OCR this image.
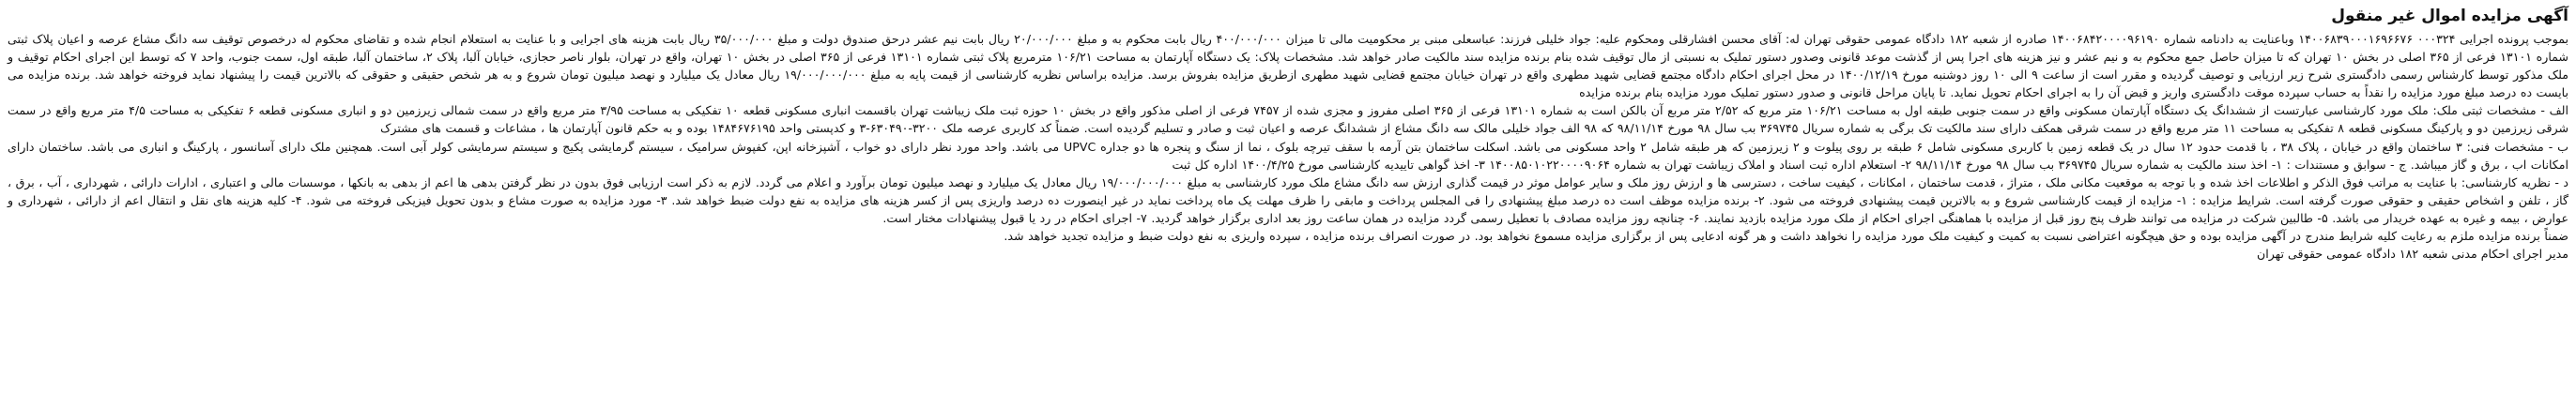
آگهی مزایده اموال غیر منقول
بموجب پرونده اجرایی ۰۰۰۳۲۴ ۱۴۰۰۶۸۳۹۰۰۰۱۶۹۶۶۷۶ وباعنایت به دادنامه شماره ۱۴۰۰۶۸۴۲۰۰۰۰۹۶۱۹۰ صادره از شعبه ۱۸۲ دادگاه عمومی حقوقی تهران له: آقای محسن افشارقلی ومحکوم علیه: جواد خلیلی فرزند: عباسعلی مبنی بر محکومیت مالی تا میزان ۴۰۰/۰۰۰/۰۰۰ ریال بابت محکوم به و مبلغ ۲۰/۰۰۰/۰۰۰ ریال بابت نیم عشر درحق صندوق دولت و مبلغ ۳۵/۰۰۰/۰۰۰ ریال بابت هزینه های اجرایی و با عنایت به استعلام انجام شده و تقاضای محکوم له درخصوص توقیف سه دانگ مشاع عرصه و اعیان پلاک ثبتی شماره ۱۳۱۰۱ فرعی از ۳۶۵ اصلی در بخش ۱۰ تهران که تا میزان حاصل جمع محکوم به و نیم عشر و نیز هزینه های اجرا پس از گذشت موعد قانونی وصدور دستور تملیک به نسبتی از مال توقیف شده بنام برنده مزایده سند مالکیت صادر خواهد شد. مشخصات پلاک: یک دستگاه آپارتمان به مساحت ۱۰۶/۲۱ مترمربع پلاک ثبتی شماره ۱۳۱۰۱ فرعی از ۳۶۵ اصلی در بخش ۱۰ تهران، واقع در تهران، بلوار ناصر حجازی، خیابان آلبا، پلاک ۲، ساختمان آلبا، طبقه اول، سمت جنوب، واحد ۷ که توسط این اجرای احکام توقیف و ملک مذکور توسط کارشناس رسمی دادگستری شرح زیر ارزیابی و توصیف گردیده و مقرر است از ساعت ۹ الی ۱۰ روز دوشنبه مورخ ۱۴۰۰/۱۲/۱۹ در محل اجرای احکام دادگاه مجتمع قضایی شهید مطهری واقع در تهران خیابان مجتمع قضایی شهید مطهری ازطریق مزایده بفروش برسد. مزایده براساس نظریه کارشناسی از قیمت پایه به مبلغ ۱۹/۰۰۰/۰۰۰/۰۰۰ ریال معادل یک میلیارد و نهصد میلیون تومان شروع و به هر شخص حقیقی و حقوقی که بالاترین قیمت را پیشنهاد نماید فروخته خواهد شد. برنده مزایده می بایست ده درصد مبلغ مورد مزایده را نقداً به حساب سپرده موقت دادگستری واریز و قبض آن را به اجرای احکام تحویل نماید. تا پایان مراحل قانونی و صدور دستور تملیک مورد مزایده بنام برنده مزایده
الف - مشخصات ثبتی ملک: ملک مورد کارشناسی عبارتست از ششدانگ یک دستگاه آپارتمان مسکونی واقع در سمت جنوبی طبقه اول به مساحت ۱۰۶/۲۱ متر مربع که ۲/۵۲ متر مربع آن بالکن است به شماره ۱۳۱۰۱ فرعی از ۳۶۵ اصلی مفروز و مجزی شده از ۷۴۵۷ فرعی از اصلی مذکور واقع در بخش ۱۰ حوزه ثبت ملک زیباشت تهران باقسمت انباری مسکونی قطعه ۱۰ تفکیکی به مساحت ۳/۹۵ متر مربع واقع در سمت شمالی زیرزمین دو و انباری مسکونی قطعه ۶ تفکیکی به مساحت ۴/۵ متر مربع واقع در سمت شرقی زیرزمین دو و پارکینگ مسکونی قطعه ۸ تفکیکی به مساحت ۱۱ متر مربع واقع در سمت شرقی همکف دارای سند مالکیت تک برگی به شماره سریال ۳۶۹۷۴۵ بب سال ۹۸ مورخ ۹۸/۱۱/۱۴ که ۹۸ الف جواد خلیلی مالک سه دانگ مشاع از ششدانگ عرصه و اعیان ثبت و صادر و تسلیم گردیده است. ضمناً کد کاربری عرصه ملک ۳۲۰۰-۶۳۰۴۹۰-۳ و کدپستی واحد ۱۴۸۴۶۷۶۱۹۵ بوده و به حکم قانون آپارتمان ها ، مشاعات و قسمت های مشترک
ب - مشخصات فنی: ۳ ساختمان واقع در خیابان ، پلاک ۳۸ ، با قدمت حدود ۱۲ سال در یک قطعه زمین با کاربری مسکونی شامل ۶ طبقه بر روی پیلوت و ۲ زیرزمین که هر طبقه شامل ۲ واحد مسکونی می باشد. اسکلت ساختمان بتن آرمه با سقف تیرچه بلوک ، نما از سنگ و پنجره ها دو جداره UPVC می باشد. واحد مورد نظر دارای دو خواب ، آشپزخانه اپن، کفپوش سرامیک ، سیستم گرمایشی پکیج و سیستم سرمایشی کولر آبی است. همچنین ملک دارای آسانسور ، پارکینگ و انباری می باشد. ساختمان دارای امکانات اب ، برق و گاز میباشد. ج - سوابق و مستندات : ۱- اخذ سند مالکیت به شماره سریال ۳۶۹۷۴۵ بب سال ۹۸ مورخ ۹۸/۱۱/۱۴ ۲- استعلام اداره ثبت اسناد و املاک زیباشت تهران به شماره ۱۴۰۰۸۵۰۱۰۲۲۰۰۰۰۹۰۶۴ ۳- اخذ گواهی تاییدیه کارشناسی مورخ ۱۴۰۰/۴/۲۵ اداره کل ثبت
د - نظریه کارشناسی: با عنایت به مراتب فوق الذکر و اطلاعات اخذ شده و با توجه به موقعیت مکانی ملک ، متراژ ، قدمت ساختمان ، امکانات ، کیفیت ساخت ، دسترسی ها و ارزش روز ملک و سایر عوامل موثر در قیمت گذاری ارزش سه دانگ مشاع ملک مورد کارشناسی به مبلغ ۱۹/۰۰۰/۰۰۰/۰۰۰ ریال معادل یک میلیارد و نهصد میلیون تومان برآورد و اعلام می گردد. لازم به ذکر است ارزیابی فوق بدون در نظر گرفتن بدهی ها اعم از بدهی به بانکها ، موسسات مالی و اعتباری ، ادارات دارائی ، شهرداری ، آب ، برق ، گاز ، تلفن و اشخاص حقیقی و حقوقی صورت گرفته است. شرایط مزایده : ۱- مزایده از قیمت کارشناسی شروع و به بالاترین قیمت پیشنهادی فروخته می شود. ۲- برنده مزایده موظف است ده درصد مبلغ پیشنهادی را فی المجلس پرداخت و مابقی را ظرف مهلت یک ماه پرداخت نماید در غیر اینصورت ده درصد واریزی پس از کسر هزینه های مزایده به نفع دولت ضبط خواهد شد. ۳- مورد مزایده به صورت مشاع و بدون تحویل فیزیکی فروخته می شود. ۴- کلیه هزینه های نقل و انتقال اعم از دارائی ، شهرداری و عوارض ، بیمه و غیره به عهده خریدار می باشد. ۵- طالبین شرکت در مزایده می توانند ظرف پنج روز قبل از مزایده با هماهنگی اجرای احکام از ملک مورد مزایده بازدید نمایند. ۶- چنانچه روز مزایده مصادف با تعطیل رسمی گردد مزایده در همان ساعت روز بعد اداری برگزار خواهد گردید. ۷- اجرای احکام در رد یا قبول پیشنهادات مختار است.
ضمناً برنده مزایده ملزم به رعایت کلیه شرایط مندرج در آگهی مزایده بوده و حق هیچگونه اعتراضی نسبت به کمیت و کیفیت ملک مورد مزایده را نخواهد داشت و هر گونه ادعایی پس از برگزاری مزایده مسموع نخواهد بود. در صورت انصراف برنده مزایده ، سپرده واریزی به نفع دولت ضبط و مزایده تجدید خواهد شد.
مدیر اجرای احکام مدنی شعبه ۱۸۲ دادگاه عمومی حقوقی تهران
